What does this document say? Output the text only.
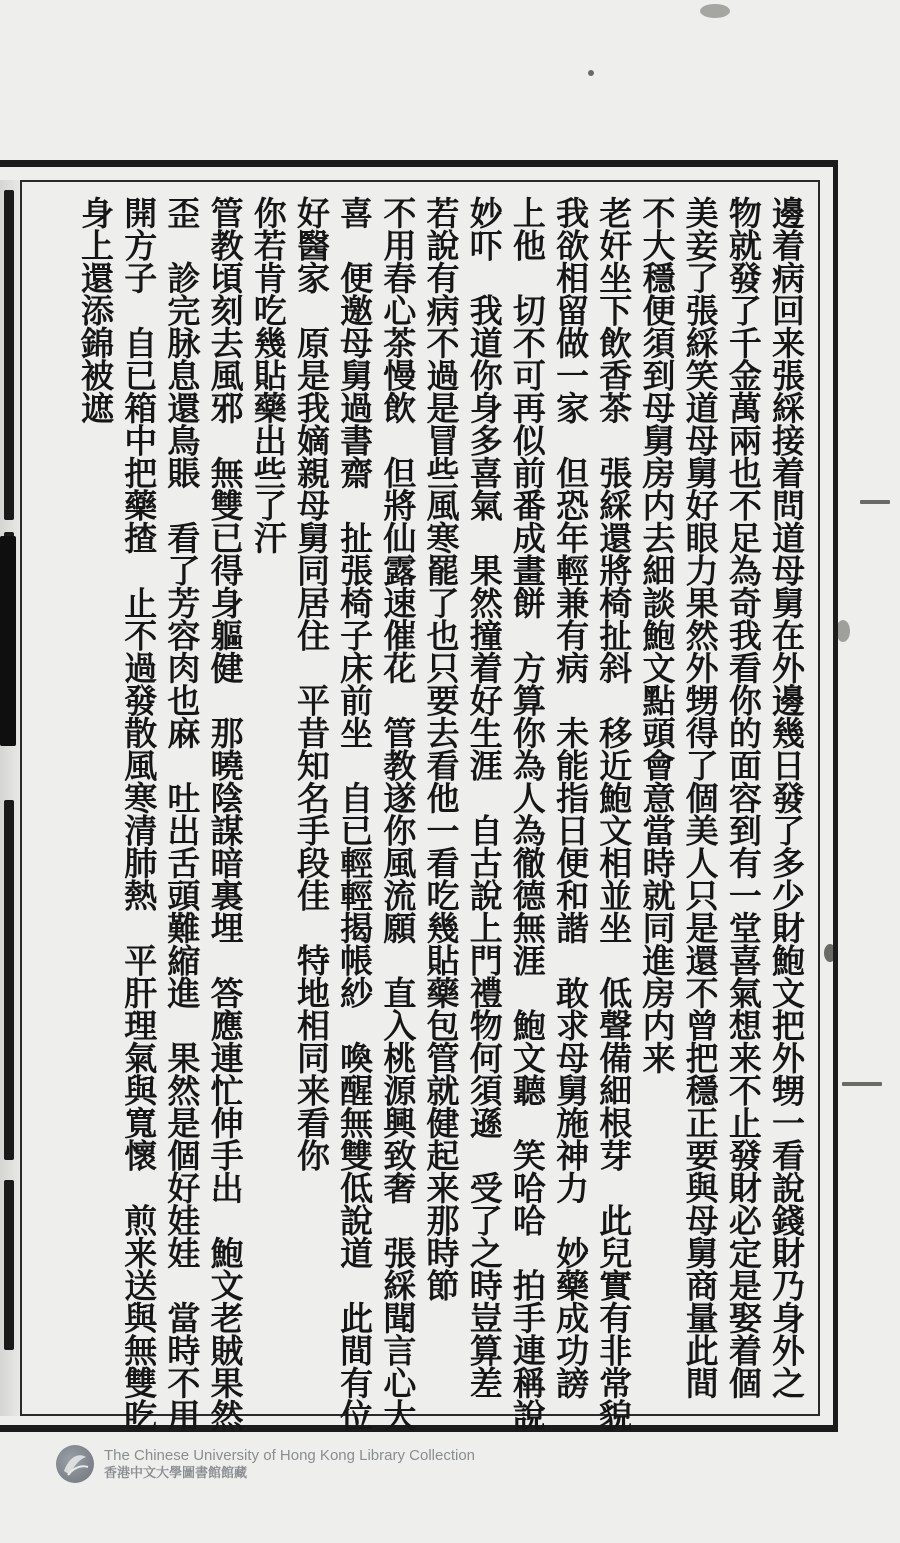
邊着病回来張綵接着問道母舅在外邊幾日發了多少財鮑文把外甥一看說錢財乃身外之
物就發了千金萬兩也不足為奇我看你的面容到有一堂喜氣想来不止發財必定是娶着個
美妾了張綵笑道母舅好眼力果然外甥得了個美人只是還不曾把穩正要與母舅商量此間
不大穩便須到母舅房内去細談鮑文點頭會意當時就同進房内来
老奸坐下飲香茶　張綵還將椅扯斜　移近鮑文相並坐　低聲備細根芽　此兒實有非常貌
我欲相留做一家　但恐年輕兼有病　未能指日便和諧　敢求母舅施神力　妙藥成功謗
上他　切不可再似前番成畫餅　方算你為人為徹德無涯　鮑文聽　笑哈哈　拍手連稱說
妙吓　我道你身多喜氣　果然撞着好生涯　自古說上門禮物何須遜　受了之時豈算差
若說有病不過是冒些風寒罷了也只要去看他一看吃幾貼藥包管就健起来那時節
不用春心茶慢飲　但將仙露速催花　管教遂你風流願　直入桃源興致奢　張綵聞言心大
喜　便邀母舅過書齋　扯張椅子床前坐　自已輕輕揭帳紗　喚醒無雙低說道　此間有位
好醫家　原是我嫡親母舅同居住　平昔知名手段佳　特地相同来看你
你若肯吃幾貼藥出些了汗
管教頃刻去風邪　無雙已得身軀健　那曉陰謀暗裏埋　答應連忙伸手出　鮑文老賊果然
歪　診完脉息還鳥賬　看了芳容肉也麻　吐出舌頭難縮進　果然是個好娃娃　當時不用
開方子　自已箱中把藥揸　止不過發散風寒清肺熱　平肝理氣與寬懷　煎来送與無雙吃
身上還添錦被遮
The Chinese University of Hong Kong Library Collection
香港中文大學圖書館館藏
